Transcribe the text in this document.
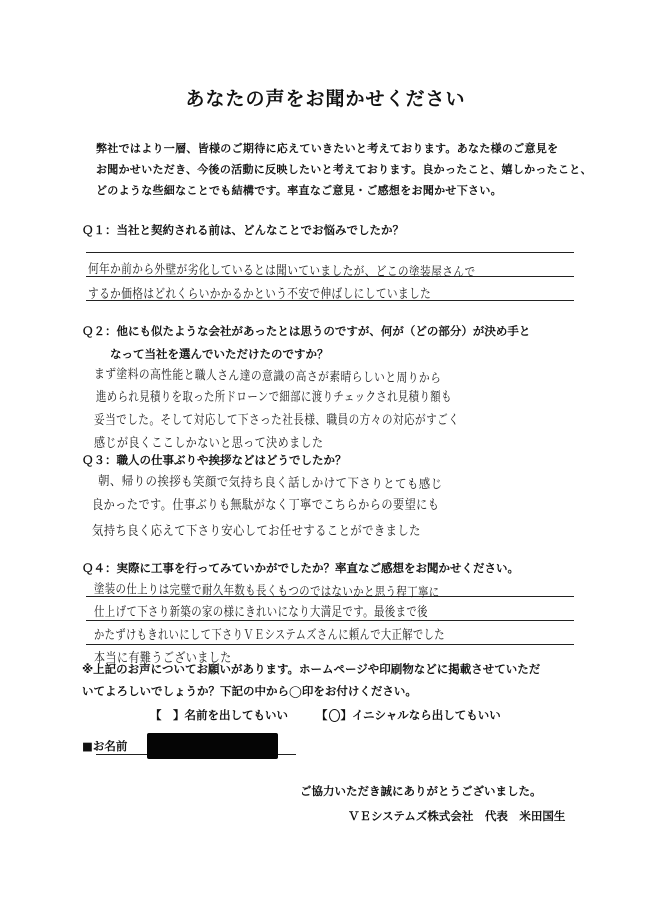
あなたの声をお聞かせください
弊社ではより一層、皆様のご期待に応えていきたいと考えております。あなた様のご意見を
お聞かせいただき、今後の活動に反映したいと考えております。良かったこと、嬉しかったこと、
どのような些細なことでも結構です。率直なご意見・ご感想をお聞かせ下さい。
Ｑ１：当社と契約される前は、どんなことでお悩みでしたか？
何年か前から外壁が劣化しているとは聞いていましたが、どこの塗装屋さんで
するか価格はどれくらいかかるかという不安で伸ばしにしていました
Ｑ２：他にも似たような会社があったとは思うのですが、何が（どの部分）が決め手と
なって当社を選んでいただけたのですか？
まず塗料の高性能と職人さん達の意識の高さが素晴らしいと周りから
進められ見積りを取った所ドローンで細部に渡りチェックされ見積り額も
妥当でした。そして対応して下さった社長様、職員の方々の対応がすごく
感じが良くここしかないと思って決めました
Ｑ３：職人の仕事ぶりや挨拶などはどうでしたか？
朝、帰りの挨拶も笑顔で気持ち良く話しかけて下さりとても感じ
良かったです。仕事ぶりも無駄がなく丁寧でこちらからの要望にも
気持ち良く応えて下さり安心してお任せすることができました
Ｑ４：実際に工事を行ってみていかがでしたか？率直なご感想をお聞かせください。
塗装の仕上りは完璧で耐久年数も長くもつのではないかと思う程丁寧に
仕上げて下さり新築の家の様にきれいになり大満足です。最後まで後
かたずけもきれいにして下さりＶＥシステムズさんに頼んで大正解でした
本当に有難うございました
※上記のお声についてお願いがあります。ホームページや印刷物などに掲載させていただ
いてよろしいでしょうか？下記の中から◯印をお付けください。
【　】名前を出してもいい 【 】イニシャルなら出してもいい
■お名前
ご協力いただき誠にありがとうございました。
ＶＥシステムズ株式会社　代表　米田国生
